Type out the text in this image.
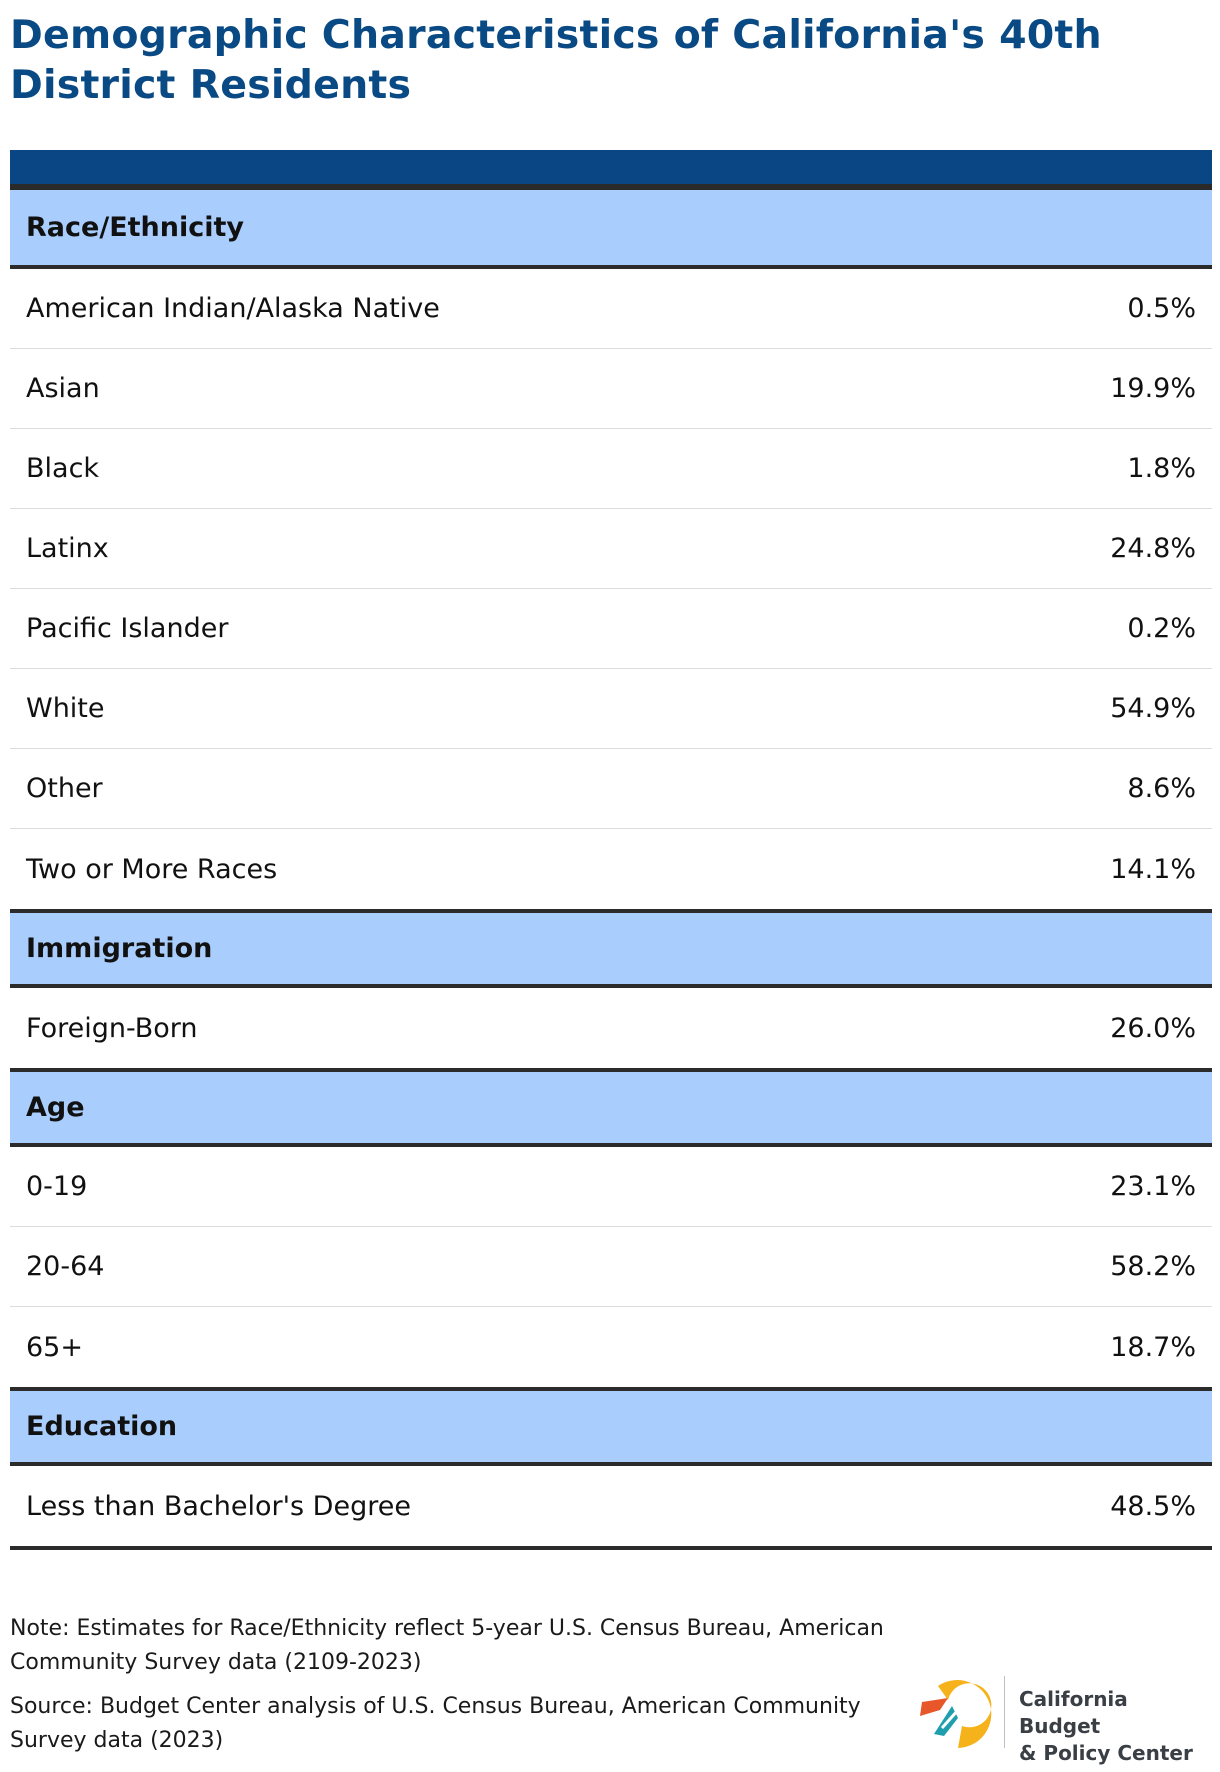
Demographic Characteristics of California's 40th District Residents
Race/Ethnicity
American Indian/Alaska Native	0.5%
Asian	19.9%
Black	1.8%
Latinx	24.8%
Pacific Islander	0.2%
White	54.9%
Other	8.6%
Two or More Races	14.1%
Immigration
Foreign-Born	26.0%
Age
0-19	23.1%
20-64	58.2%
65+	18.7%
Education
Less than Bachelor's Degree	48.5%

Note: Estimates for Race/Ethnicity reflect 5-year U.S. Census Bureau, American Community Survey data (2109-2023)

Source: Budget Center analysis of U.S. Census Bureau, American Community Survey data (2023)

California Budget
& Policy Center
